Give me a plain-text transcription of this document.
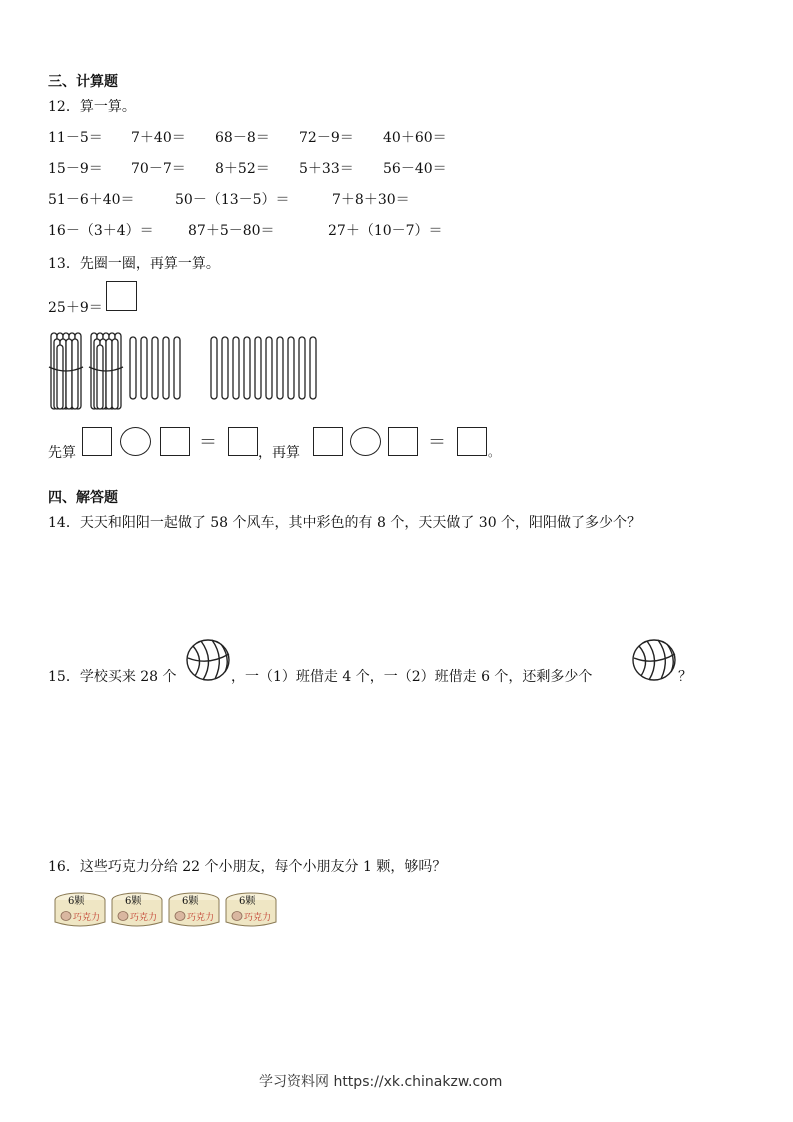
三、计算题
12．算一算。
11－5＝ 7＋40＝ 68－8＝ 72－9＝ 40＋60＝
15－9＝ 70－7＝ 8＋52＝ 5＋33＝ 56－40＝
51－6＋40＝	50－（13－5）＝	7＋8＋30＝
16－（3＋4）＝ 87＋5－80＝	27＋（10－7）＝
13．先圈一圈，再算一算。
25＋9＝
先算	＝	，再算	＝	。
四、解答题
14．天天和阳阳一起做了 58 个风车，其中彩色的有 8 个，天天做了 30 个，阳阳做了多少个？
15．学校买来 28 个	，一（1）班借走 4 个，一（2）班借走 6 个，还剩多少个	？
16．这些巧克力分给 22 个小朋友，每个小朋友分 1 颗，够吗？
6颗
巧克力
6颗
巧克力
6颗
巧克力
6颗
巧克力
学习资料网 https://xk.chinakzw.com
